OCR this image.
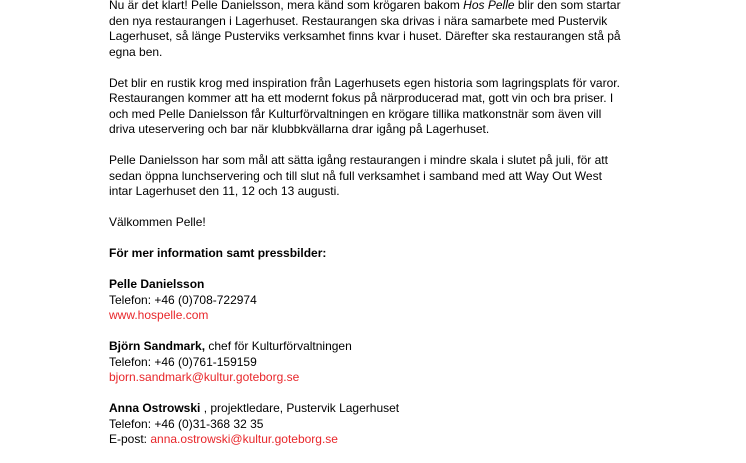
Nu är det klart! Pelle Danielsson, mera känd som krögaren bakom Hos Pelle blir den som startar
den nya restaurangen i Lagerhuset. Restaurangen ska drivas i nära samarbete med Pustervik
Lagerhuset, så länge Pusterviks verksamhet finns kvar i huset. Därefter ska restaurangen stå på
egna ben.
Det blir en rustik krog med inspiration från Lagerhusets egen historia som lagringsplats för varor.
Restaurangen kommer att ha ett modernt fokus på närproducerad mat, gott vin och bra priser. I
och med Pelle Danielsson får Kulturförvaltningen en krögare tillika matkonstnär som även vill
driva uteservering och bar när klubbkvällarna drar igång på Lagerhuset.
Pelle Danielsson har som mål att sätta igång restaurangen i mindre skala i slutet på juli, för att
sedan öppna lunchservering och till slut nå full verksamhet i samband med att Way Out West
intar Lagerhuset den 11, 12 och 13 augusti.
Välkommen Pelle!
För mer information samt pressbilder:
Pelle Danielsson
Telefon: +46 (0)708-722974
www.hospelle.com
Björn Sandmark, chef för Kulturförvaltningen
Telefon: +46 (0)761-159159
bjorn.sandmark@kultur.goteborg.se
Anna Ostrowski , projektledare, Pustervik Lagerhuset
Telefon: +46 (0)31-368 32 35
E-post: anna.ostrowski@kultur.goteborg.se
